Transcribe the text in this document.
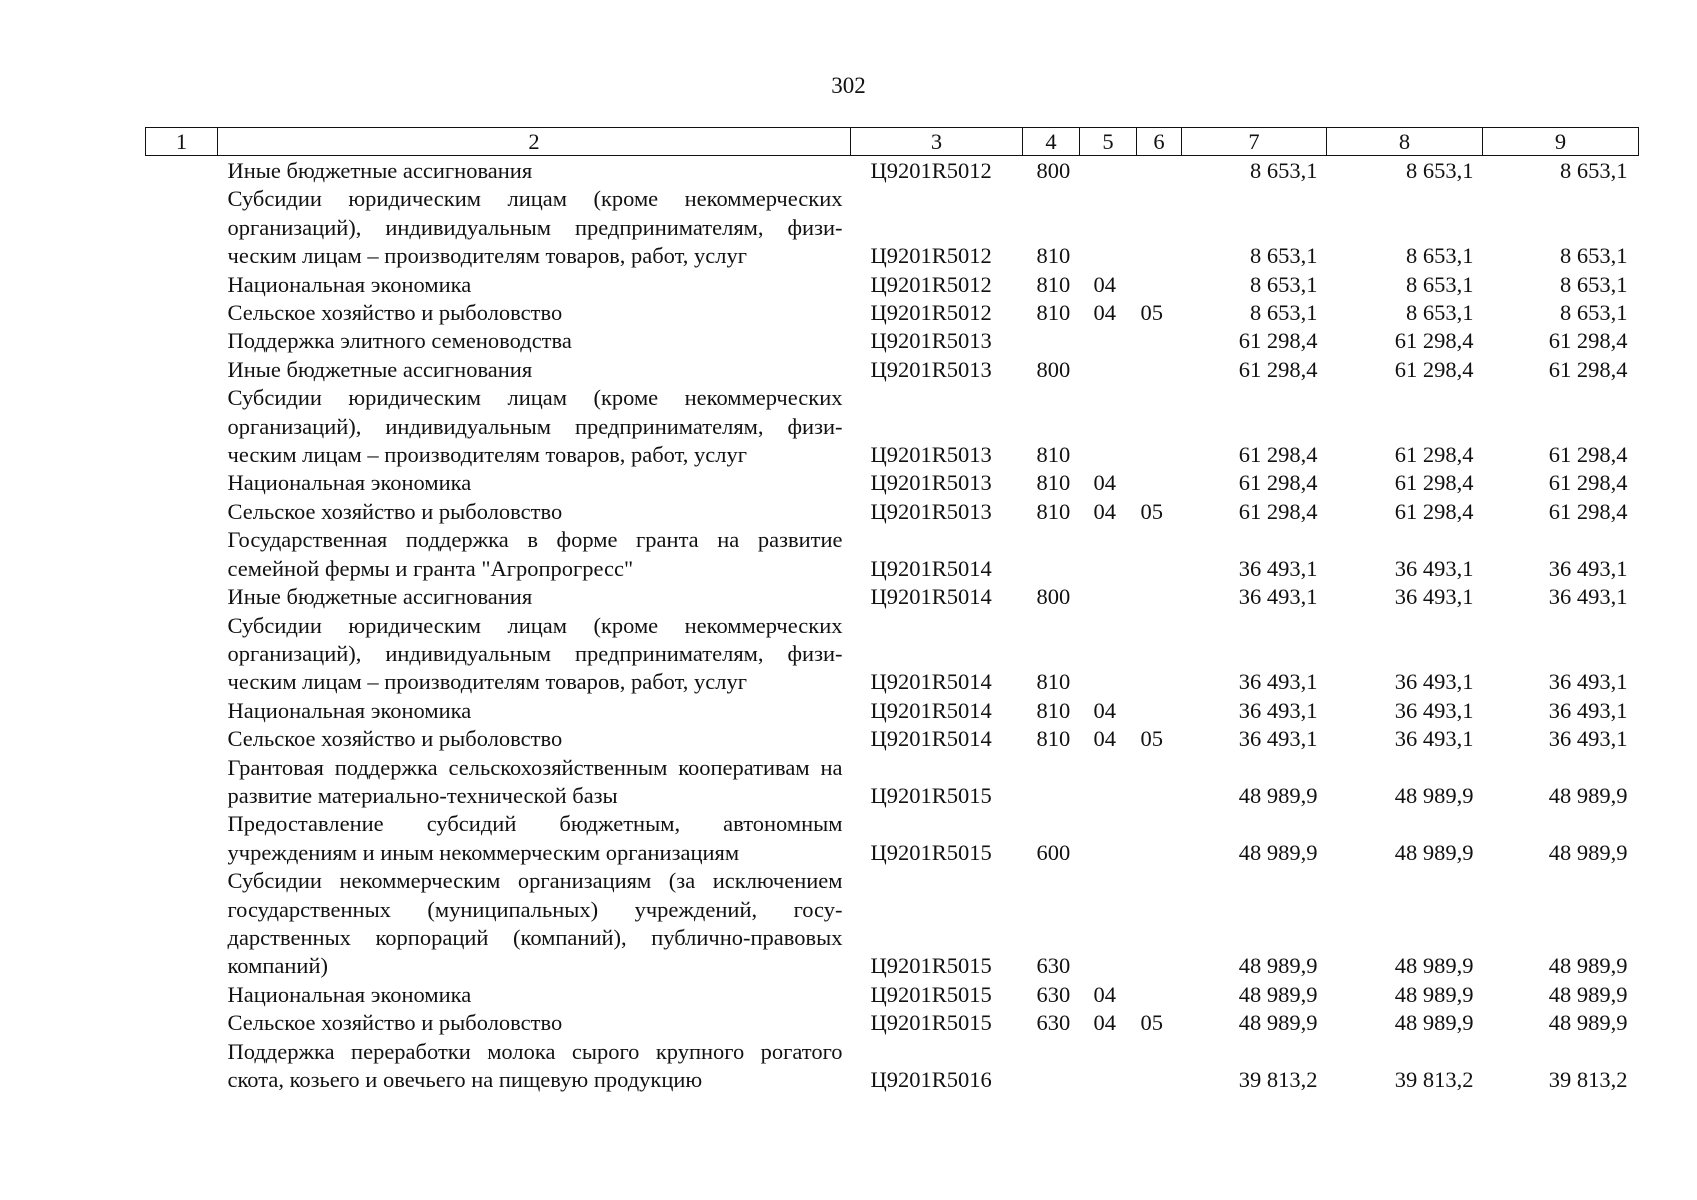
302
1	2	3	4	5	6	7	8	9
	Иные бюджетные ассигнования	Ц9201R5012	800			8 653,1	8 653,1	8 653,1
	Субсидии юридическим лицам (кроме некоммерческих организаций), индивидуальным предпринимателям, физическим лицам – производителям товаров, работ, услуг	Ц9201R5012	810			8 653,1	8 653,1	8 653,1
	Национальная экономика	Ц9201R5012	810	04		8 653,1	8 653,1	8 653,1
	Сельское хозяйство и рыболовство	Ц9201R5012	810	04	05	8 653,1	8 653,1	8 653,1
	Поддержка элитного семеноводства	Ц9201R5013				61 298,4	61 298,4	61 298,4
	Иные бюджетные ассигнования	Ц9201R5013	800			61 298,4	61 298,4	61 298,4
	Субсидии юридическим лицам (кроме некоммерческих организаций), индивидуальным предпринимателям, физическим лицам – производителям товаров, работ, услуг	Ц9201R5013	810			61 298,4	61 298,4	61 298,4
	Национальная экономика	Ц9201R5013	810	04		61 298,4	61 298,4	61 298,4
	Сельское хозяйство и рыболовство	Ц9201R5013	810	04	05	61 298,4	61 298,4	61 298,4
	Государственная поддержка в форме гранта на развитие семейной фермы и гранта "Агропрогресс"	Ц9201R5014				36 493,1	36 493,1	36 493,1
	Иные бюджетные ассигнования	Ц9201R5014	800			36 493,1	36 493,1	36 493,1
	Субсидии юридическим лицам (кроме некоммерческих организаций), индивидуальным предпринимателям, физическим лицам – производителям товаров, работ, услуг	Ц9201R5014	810			36 493,1	36 493,1	36 493,1
	Национальная экономика	Ц9201R5014	810	04		36 493,1	36 493,1	36 493,1
	Сельское хозяйство и рыболовство	Ц9201R5014	810	04	05	36 493,1	36 493,1	36 493,1
	Грантовая поддержка сельскохозяйственным кооперативам на развитие материально-технической базы	Ц9201R5015				48 989,9	48 989,9	48 989,9
	Предоставление субсидий бюджетным, автономным учреждениям и иным некоммерческим организациям	Ц9201R5015	600			48 989,9	48 989,9	48 989,9
	Субсидии некоммерческим организациям (за исключением государственных (муниципальных) учреждений, государственных корпораций (компаний), публично-правовых компаний)	Ц9201R5015	630			48 989,9	48 989,9	48 989,9
	Национальная экономика	Ц9201R5015	630	04		48 989,9	48 989,9	48 989,9
	Сельское хозяйство и рыболовство	Ц9201R5015	630	04	05	48 989,9	48 989,9	48 989,9
	Поддержка переработки молока сырого крупного рогатого скота, козьего и овечьего на пищевую продукцию	Ц9201R5016				39 813,2	39 813,2	39 813,2
